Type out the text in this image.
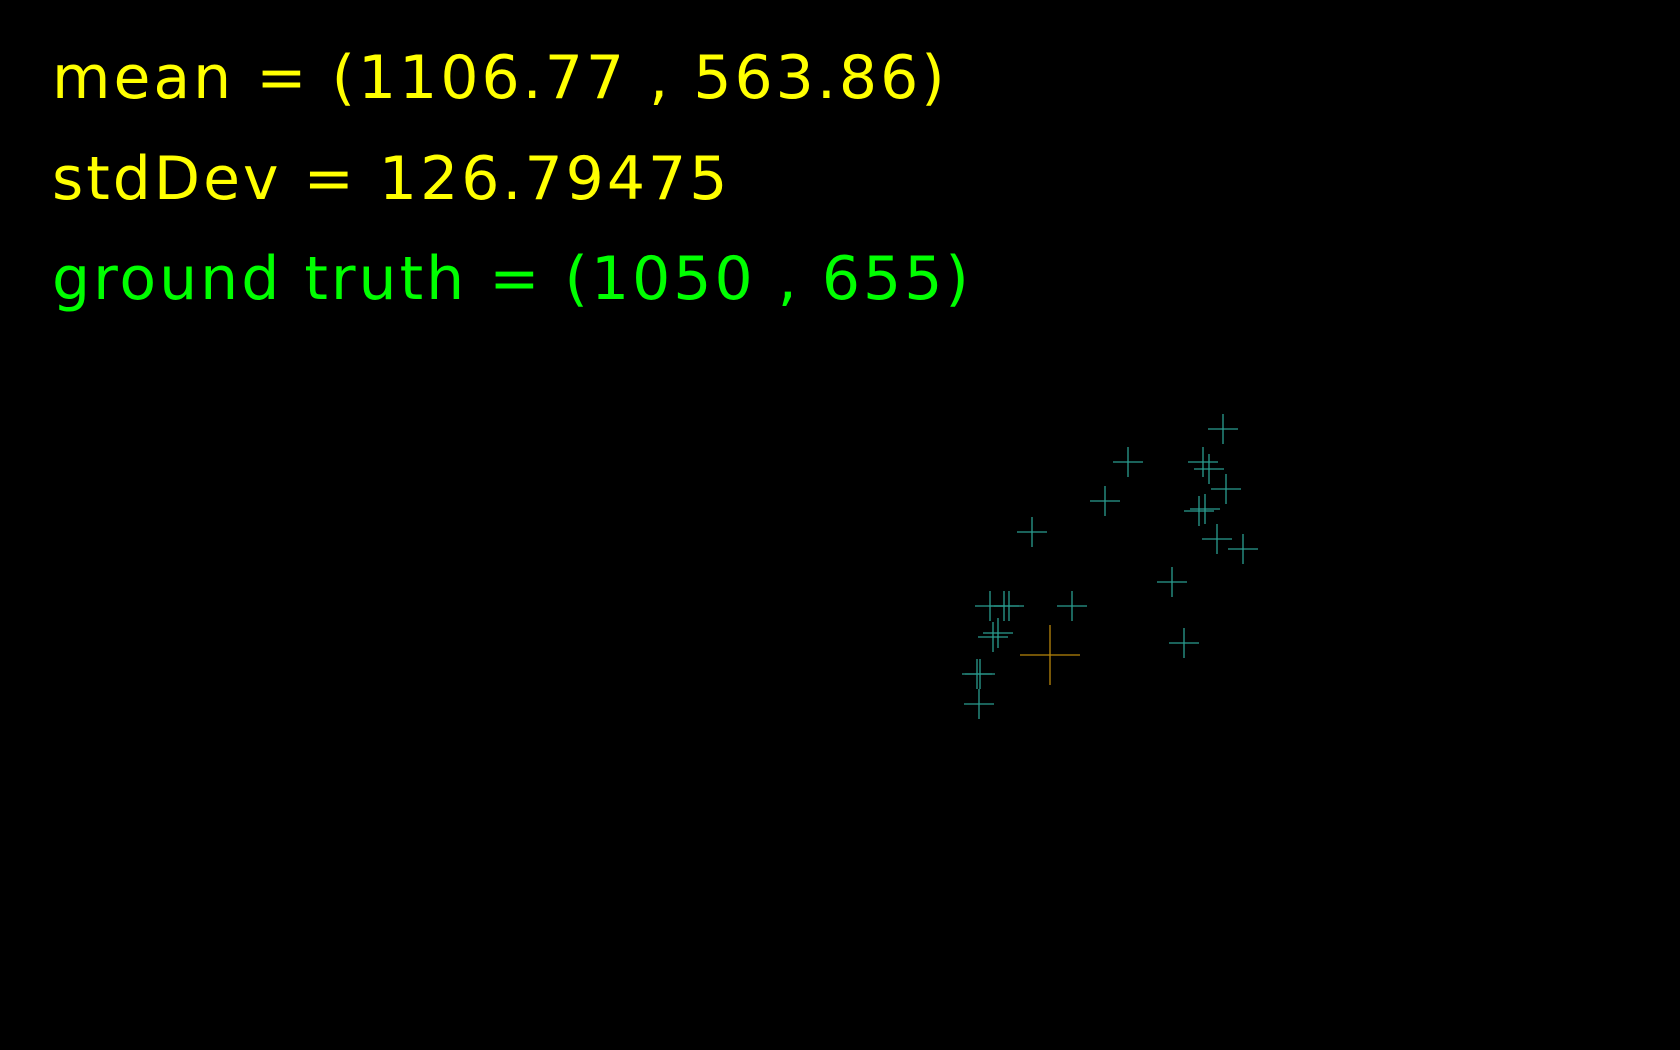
mean = (1106.77 , 563.86)

stdDev = 126.79475

ground truth = (1050 , 655)
